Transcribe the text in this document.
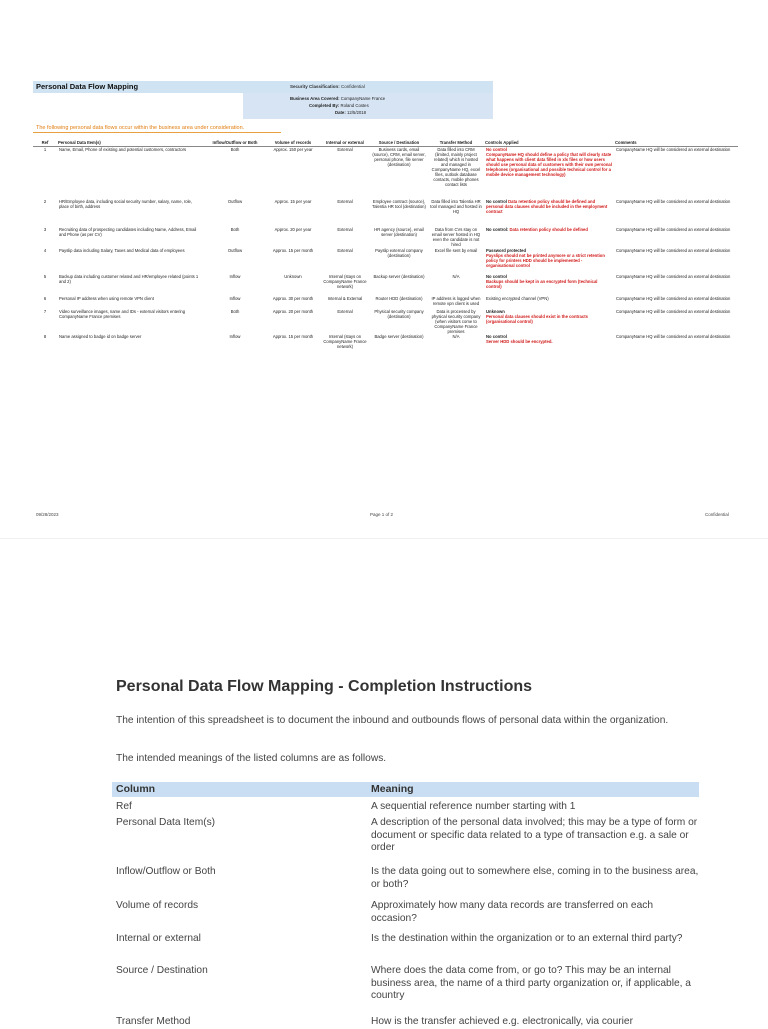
Personal Data Flow Mapping	Security Classification: Confidential
Business Area Covered: CompanyName France
Completed By: Roland Costes
Date: 12/5/2018
The following personal data flows occur within the business area under consideration.
Ref	Personal Data Item(s)	Inflow/Outflow or Both	Volume of records	Internal or external	Source / Destination	Transfer Method	Controls Applied	Comments
1	Name, Email, Phone of existing and potential customers, contractors	Both	Approx. 150 per year	External	Business cards, email (source), CRM, email server, personal phone, file server (destination)	Data filled into CRM (limited, mainly project related) which is hosted and managed in CompanyName HQ, excel files, outlook database contacts, mobile phones contact lists	No control
CompanyName HQ should define a policy that will clearly state what happens with client data filled in xls files or how users should use personal data of customers with their own personal telephones (organisational and possible technical control for a mobile device management technology)	CompanyName HQ will be considered an external destination
2	HR/Employee data, including social security number, salary, name, role, place of birth, address	Outflow	Approx. 15 per year	External	Employee contract (source), Talentia HR tool (destination)	Data filled into Talentia HR tool managed and hosted in HQ	No control Data retention policy should be defined and personal data clauses should be included in the employment contract	CompanyName HQ will be considered an external destination
3	Recruiting data of prospecting candidates including Name, Address, Email and Phone (as per CV)	Both	Approx. 20 per year	External	HR agency (source), email server (destination)	Data from CVs stay on email server hosted in HQ even the candidate is not hired	No control: Data retention policy should be defined	CompanyName HQ will be considered an external destination
4	Payslip data including Salary, Taxes and Medical data of employees	Outflow	Approx. 15 per month	External	Payslip external company (destination)	Excel file sent by email	Password protected
Payslips should not be printed anymore or a strict retention policy for printers HDD should be implemented - organisational control	CompanyName HQ will be considered an external destination
5	Backup data including customer related and HR/employee related (points 1 and 2)	Inflow	Unknown	Internal (stays on CompanyName France network)	Backup server (destination)	N/A	No control
Backups should be kept in an encrypted form (technical control)	CompanyName HQ will be considered an external destination
6	Personal IP address when using remote VPN client	Inflow	Approx. 30 per month	Internal & External	Router HDD (destination)	IP address is logged when remote vpn client is used	Existing encrypted channel (VPN)	CompanyName HQ will be considered an external destination
7	Video surveillance images, name and IDs - external visitors entering CompanyName France premises	Both	Approx. 20 per month	External	Physical security company (destination)	Data is processed by physical security company (when visitors come to CompanyName France premises	Unknown
Personal data clauses should exist in the contracts (organisational control)	CompanyName HQ will be considered an external destination
8	Name assigned to badge id on badge server	Inflow	Approx. 15 per month	Internal (stays on CompanyName France network)	Badge server (destination)	N/A	No control
Server HDD should be encrypted.	CompanyName HQ will be considered an external destination
09/28/2023	Page 1 of 2	Confidential
Personal Data Flow Mapping - Completion Instructions
The intention of this spreadsheet is to document the inbound and outbounds flows of personal data within the organization.
The intended meanings of the listed columns are as follows.
Column	Meaning
Ref	A sequential reference number starting with 1
Personal Data Item(s)	A description of the personal data involved; this may be a type of form or document or specific data related to a type of transaction e.g. a sale or order
Inflow/Outflow or Both	Is the data going out to somewhere else, coming in to the business area, or both?
Volume of records	Approximately how many data records are transferred on each occasion?
Internal or external	Is the destination within the organization or to an external third party?
Source / Destination	Where does the data come from, or go to? This may be an internal business area, the name of a third party organization or, if applicable, a country
Transfer Method	How is the transfer achieved e.g. electronically, via courier
